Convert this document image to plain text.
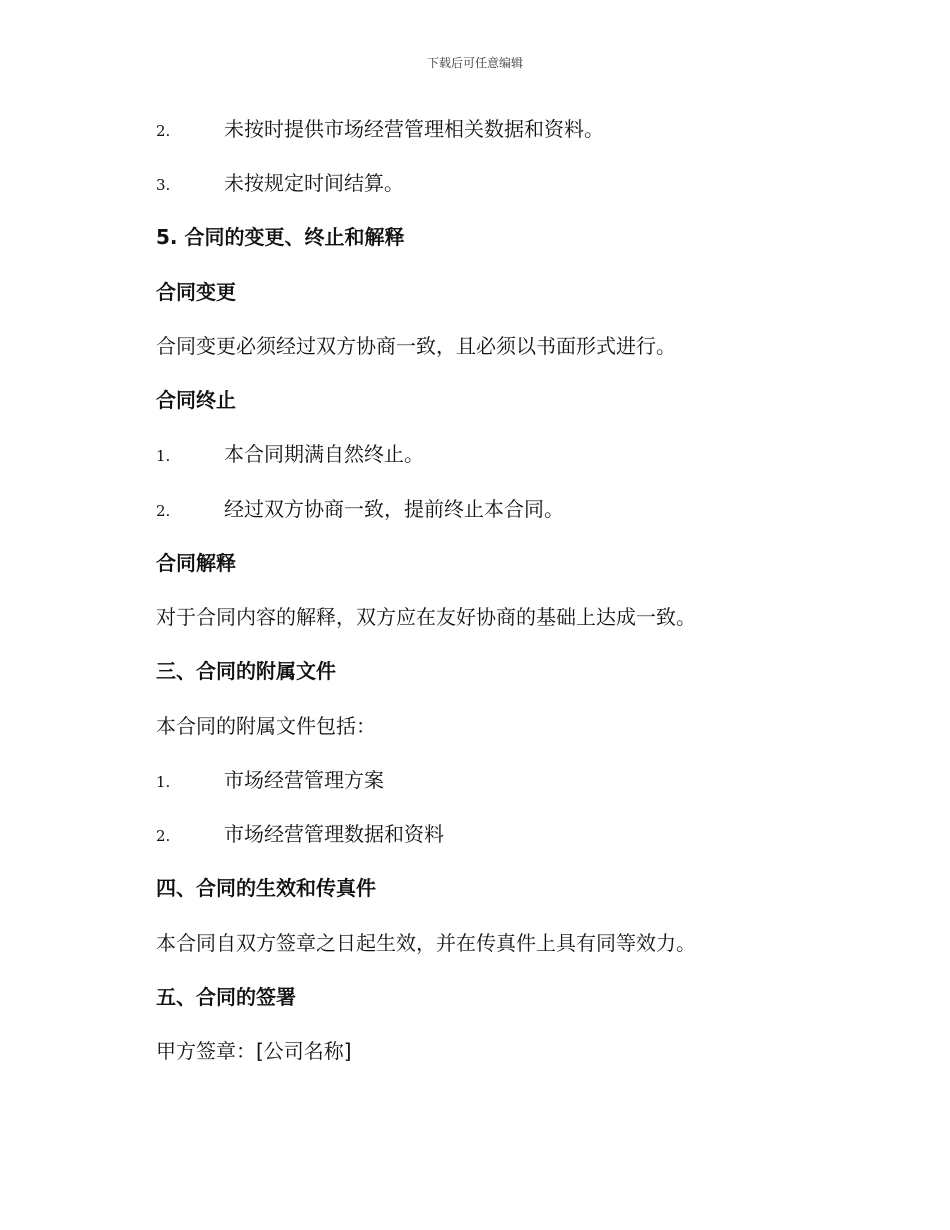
下载后可任意编辑
2.	未按时提供市场经营管理相关数据和资料。
3.	未按规定时间结算。
5. 合同的变更、终止和解释
合同变更
合同变更必须经过双方协商一致，且必须以书面形式进行。
合同终止
1.	本合同期满自然终止。
2.	经过双方协商一致，提前终止本合同。
合同解释
对于合同内容的解释，双方应在友好协商的基础上达成一致。
三、合同的附属文件
本合同的附属文件包括：
1.	市场经营管理方案
2.	市场经营管理数据和资料
四、合同的生效和传真件
本合同自双方签章之日起生效，并在传真件上具有同等效力。
五、合同的签署
甲方签章：[公司名称]
